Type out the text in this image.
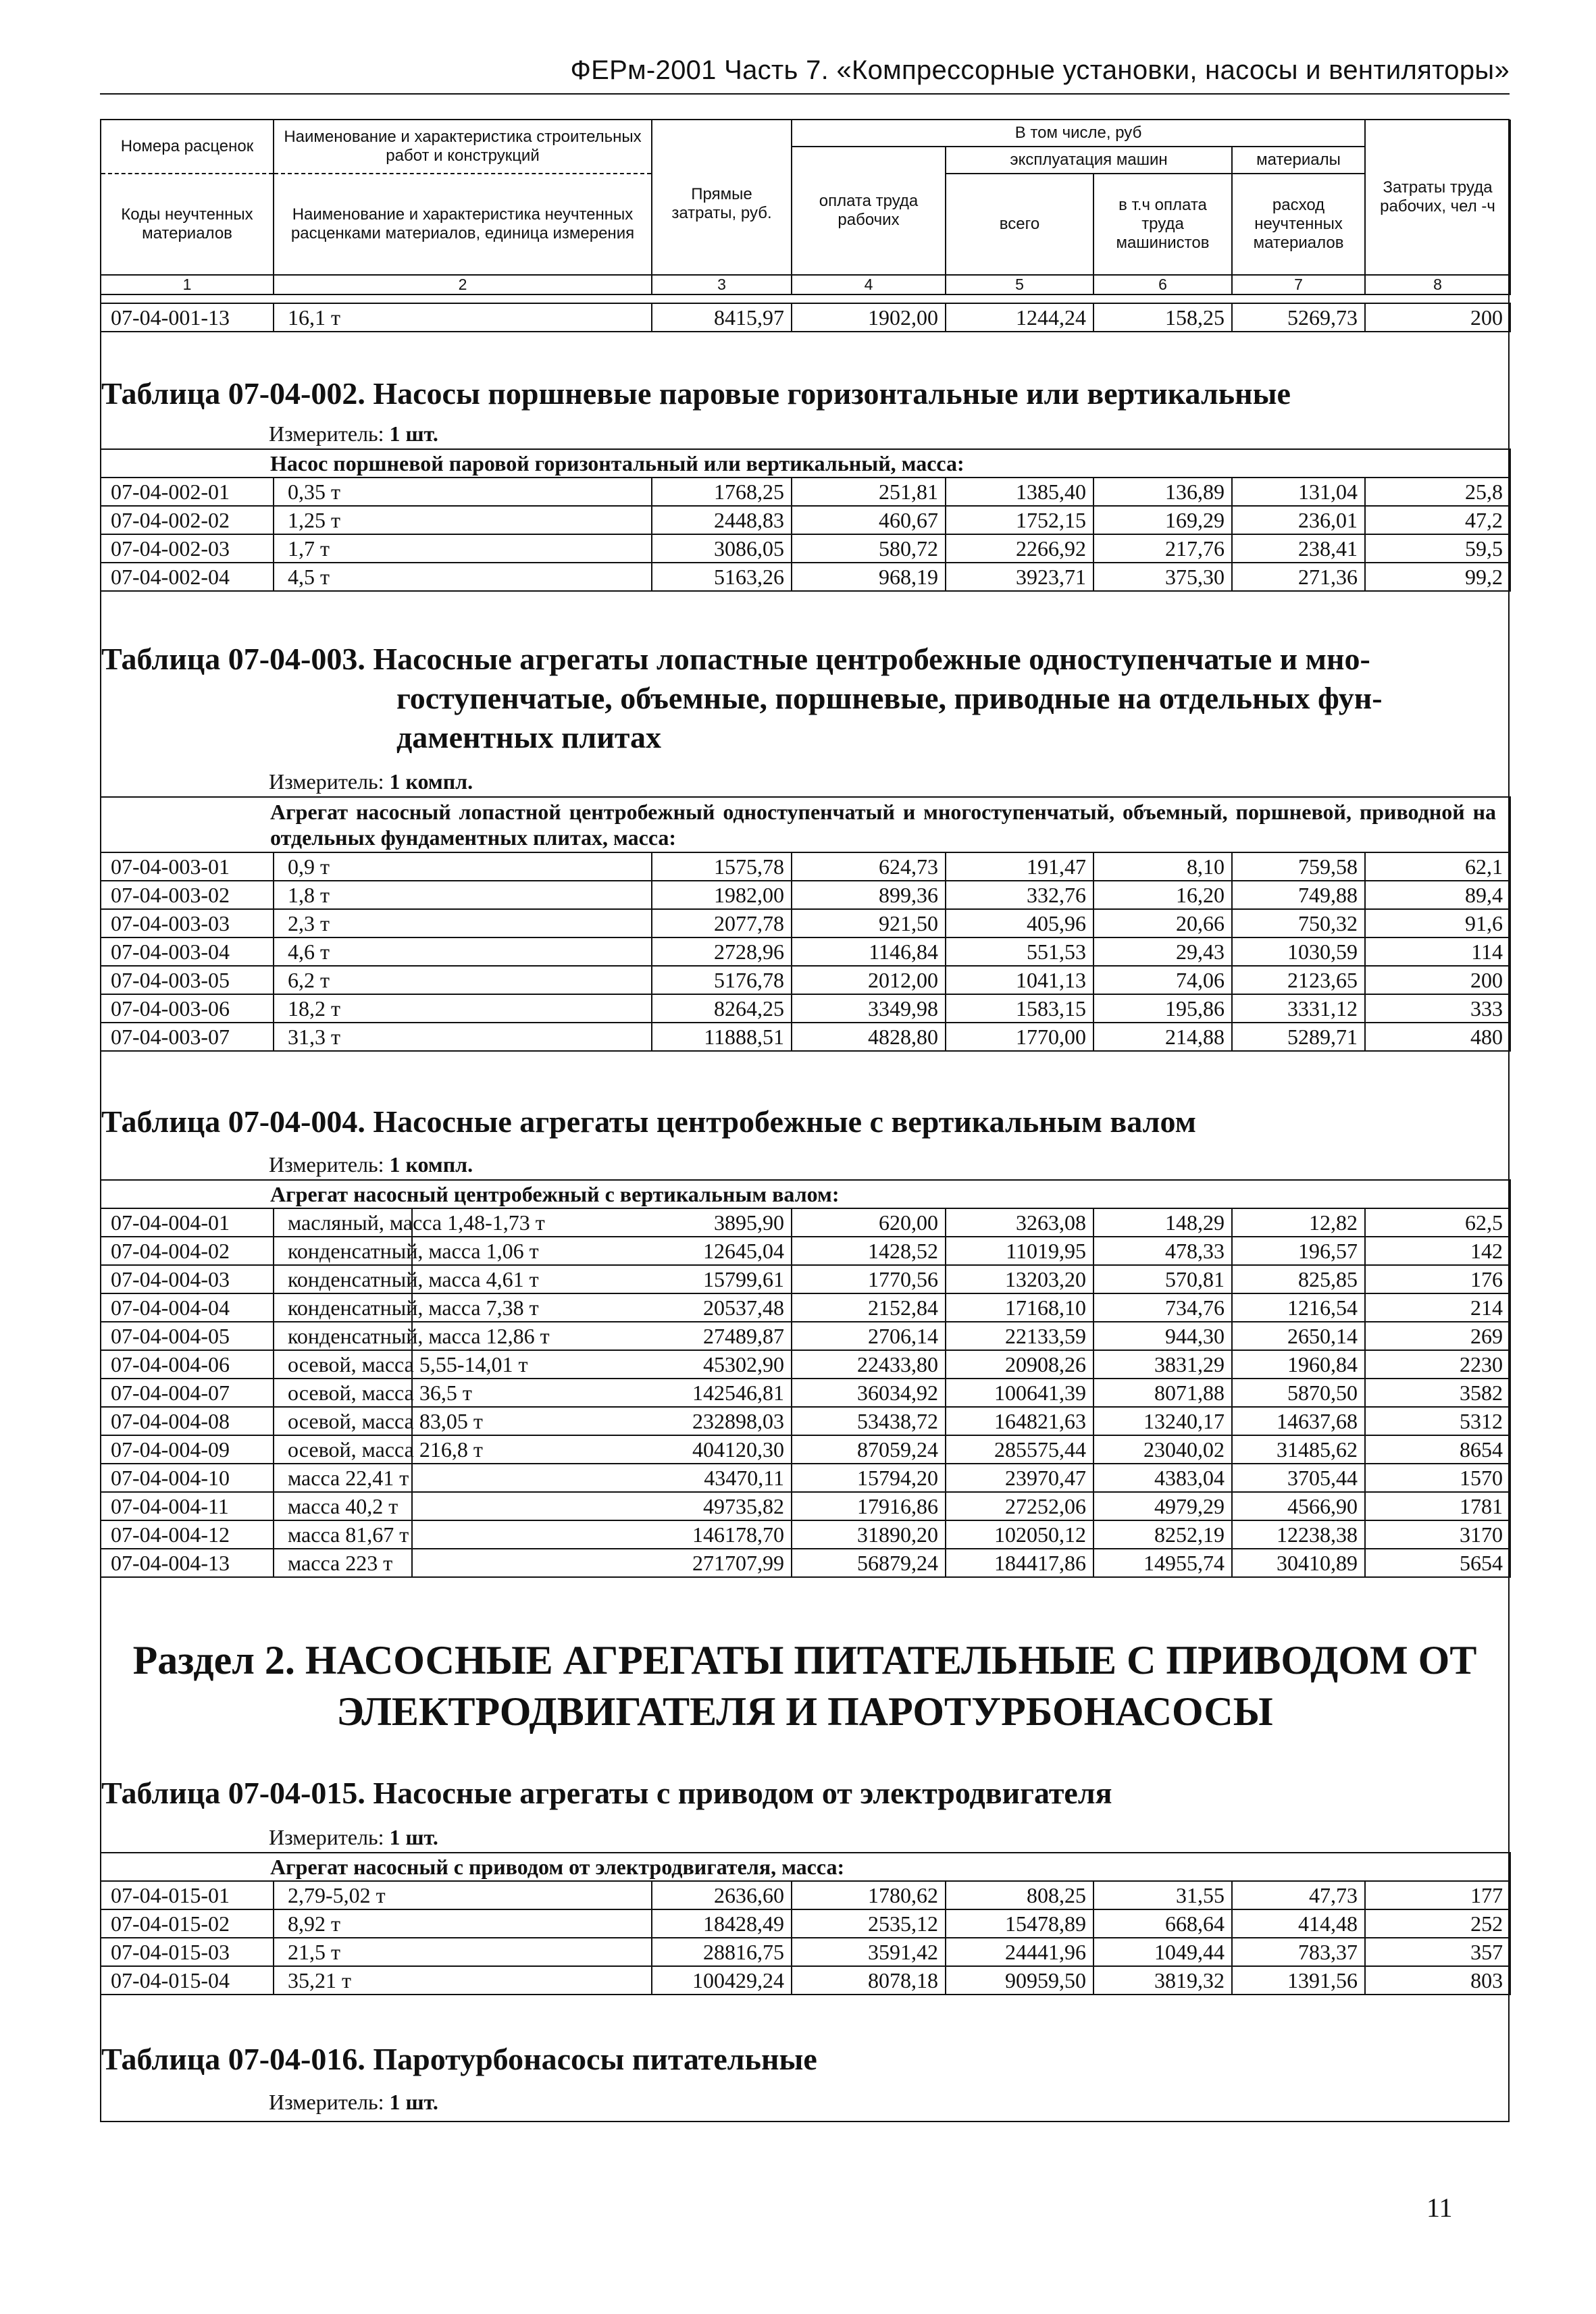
ФЕРм-2001 Часть 7. «Компрессорные установки, насосы и вентиляторы»
Номера расценок	Наименование и характеристика строительных работ и конструкций	Прямые затраты, руб.	В том числе, руб				Затраты труда рабочих, чел -ч
			оплата труда рабочих	эксплуатация машин		материалы	
Коды неучтенных материалов	Наименование и характеристика неучтенных расценками материалов, единица измерения			всего	в т.ч оплата труда машинистов	расход неучтенных материалов	
1	2	3	4	5	6	7	8
07-04-001-13	16,1 т	8415,97	1902,00	1244,24	158,25	5269,73	200
Таблица 07-04-002. Насосы поршневые паровые горизонтальные или вертикальные
Измеритель: 1 шт.
Насос поршневой паровой горизонтальный или вертикальный, масса:							
07-04-002-01	0,35 т	1768,25	251,81	1385,40	136,89	131,04	25,8
07-04-002-02	1,25 т	2448,83	460,67	1752,15	169,29	236,01	47,2
07-04-002-03	1,7 т	3086,05	580,72	2266,92	217,76	238,41	59,5
07-04-002-04	4,5 т	5163,26	968,19	3923,71	375,30	271,36	99,2
Таблица 07-04-003. Насосные агрегаты лопастные центробежные одноступенчатые и мно-
гоступенчатые, объемные, поршневые, приводные на отдельных фун-
даментных плитах
Измеритель: 1 компл.
Агрегат насосный лопастной центробежный одноступенчатый и многоступенчатый, объемный, поршневой, приводной на отдельных фундаментных плитах, масса:							
07-04-003-01	0,9 т	1575,78	624,73	191,47	8,10	759,58	62,1
07-04-003-02	1,8 т	1982,00	899,36	332,76	16,20	749,88	89,4
07-04-003-03	2,3 т	2077,78	921,50	405,96	20,66	750,32	91,6
07-04-003-04	4,6 т	2728,96	1146,84	551,53	29,43	1030,59	114
07-04-003-05	6,2 т	5176,78	2012,00	1041,13	74,06	2123,65	200
07-04-003-06	18,2 т	8264,25	3349,98	1583,15	195,86	3331,12	333
07-04-003-07	31,3 т	11888,51	4828,80	1770,00	214,88	5289,71	480
Таблица 07-04-004. Насосные агрегаты центробежные с вертикальным валом
Измеритель: 1 компл.
Агрегат насосный центробежный с вертикальным валом:							
07-04-004-01	масляный, масса 1,48-1,73 т	3895,90	620,00	3263,08	148,29	12,82	62,5
07-04-004-02	конденсатный, масса 1,06 т	12645,04	1428,52	11019,95	478,33	196,57	142
07-04-004-03	конденсатный, масса 4,61 т	15799,61	1770,56	13203,20	570,81	825,85	176
07-04-004-04	конденсатный, масса 7,38 т	20537,48	2152,84	17168,10	734,76	1216,54	214
07-04-004-05	конденсатный, масса 12,86 т	27489,87	2706,14	22133,59	944,30	2650,14	269
07-04-004-06	осевой, масса 5,55-14,01 т	45302,90	22433,80	20908,26	3831,29	1960,84	2230
07-04-004-07	осевой, масса 36,5 т	142546,81	36034,92	100641,39	8071,88	5870,50	3582
07-04-004-08	осевой, масса 83,05 т	232898,03	53438,72	164821,63	13240,17	14637,68	5312
07-04-004-09	осевой, масса 216,8 т	404120,30	87059,24	285575,44	23040,02	31485,62	8654
07-04-004-10	масса 22,41 т	43470,11	15794,20	23970,47	4383,04	3705,44	1570
07-04-004-11	масса 40,2 т	49735,82	17916,86	27252,06	4979,29	4566,90	1781
07-04-004-12	масса 81,67 т	146178,70	31890,20	102050,12	8252,19	12238,38	3170
07-04-004-13	масса 223 т	271707,99	56879,24	184417,86	14955,74	30410,89	5654
Раздел 2. НАСОСНЫЕ АГРЕГАТЫ ПИТАТЕЛЬНЫЕ С ПРИВОДОМ ОТ
ЭЛЕКТРОДВИГАТЕЛЯ И ПАРОТУРБОНАСОСЫ
Таблица 07-04-015. Насосные агрегаты с приводом от электродвигателя
Измеритель: 1 шт.
Агрегат насосный с приводом от электродвигателя, масса:							
07-04-015-01	2,79-5,02 т	2636,60	1780,62	808,25	31,55	47,73	177
07-04-015-02	8,92 т	18428,49	2535,12	15478,89	668,64	414,48	252
07-04-015-03	21,5 т	28816,75	3591,42	24441,96	1049,44	783,37	357
07-04-015-04	35,21 т	100429,24	8078,18	90959,50	3819,32	1391,56	803
Таблица 07-04-016. Паротурбонасосы питательные
Измеритель: 1 шт.
11
